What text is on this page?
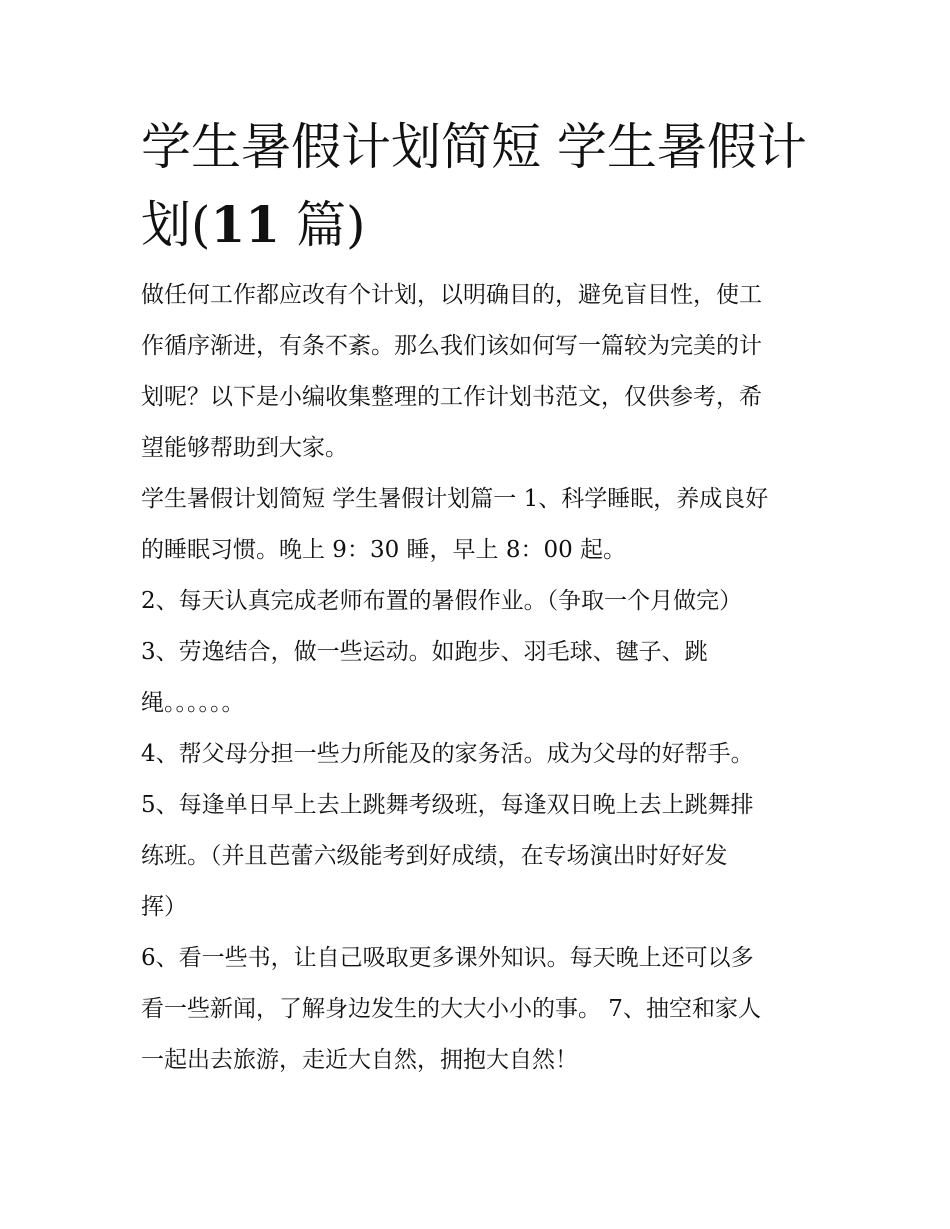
学生暑假计划简短 学生暑假计
划(11 篇)
做任何工作都应改有个计划，以明确目的，避免盲目性，使工
作循序渐进，有条不紊。那么我们该如何写一篇较为完美的计
划呢？以下是小编收集整理的工作计划书范文，仅供参考，希
望能够帮助到大家。
学生暑假计划简短 学生暑假计划篇一 1、科学睡眠，养成良好
的睡眠习惯。晚上 9：30 睡，早上 8：00 起。
2、每天认真完成老师布置的暑假作业。（争取一个月做完）
3、劳逸结合，做一些运动。如跑步、羽毛球、毽子、跳
绳。。。。。。
4、帮父母分担一些力所能及的家务活。成为父母的好帮手。
5、每逢单日早上去上跳舞考级班，每逢双日晚上去上跳舞排
练班。（并且芭蕾六级能考到好成绩，在专场演出时好好发
挥）
6、看一些书，让自己吸取更多课外知识。每天晚上还可以多
看一些新闻，了解身边发生的大大小小的事。 7、抽空和家人
一起出去旅游，走近大自然，拥抱大自然！
